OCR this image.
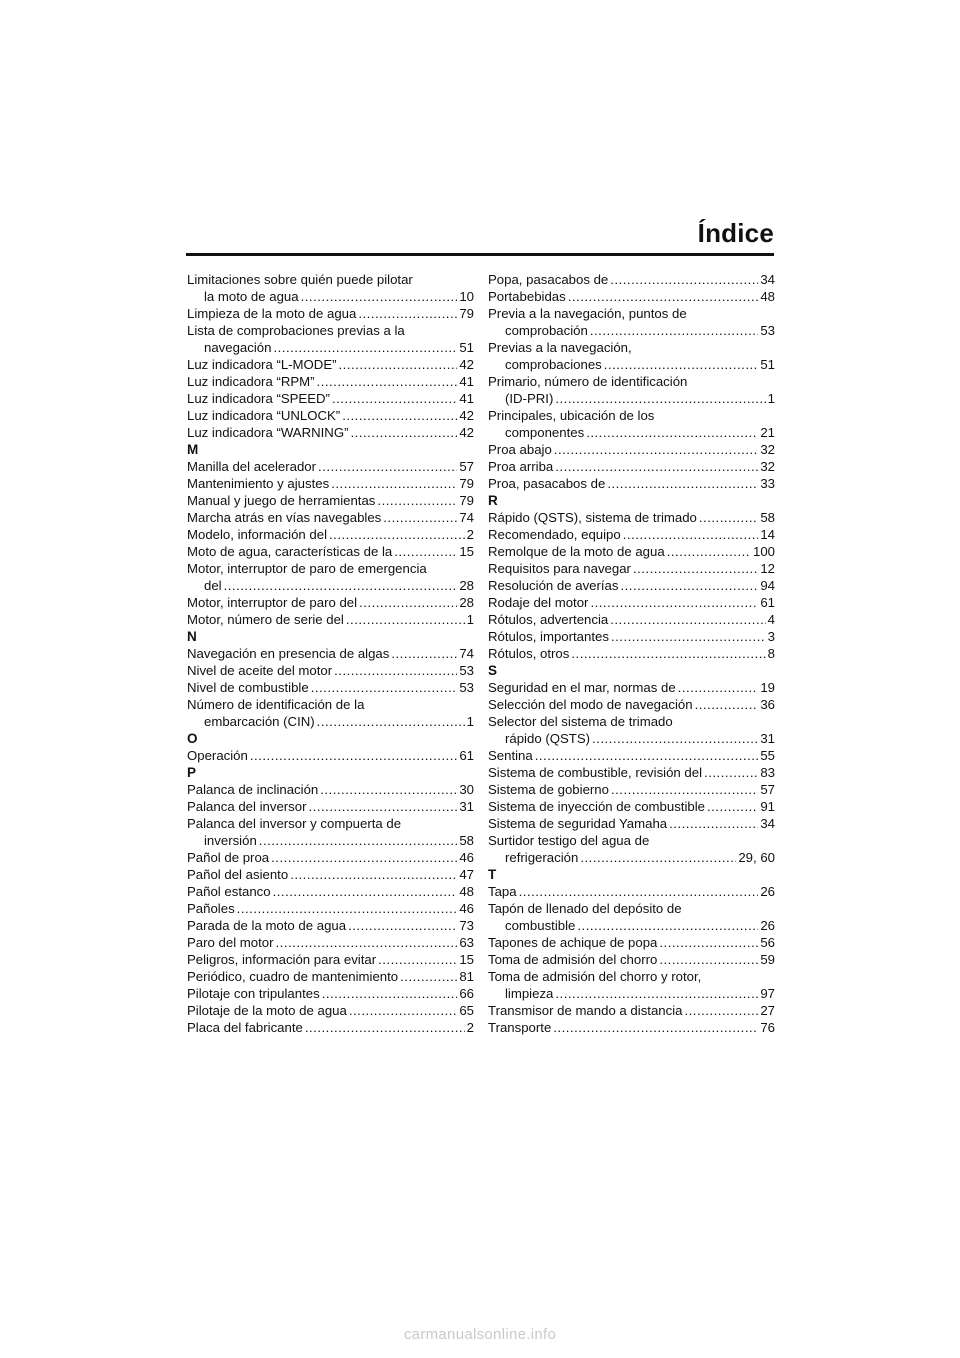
Índice
Limitaciones sobre quién puede pilotar
la moto de agua .....	10
Limpieza de la moto de agua .....	79
Lista de comprobaciones previas a la
navegación .....	51
Luz indicadora “L-MODE” .....	42
Luz indicadora “RPM” .....	41
Luz indicadora “SPEED” .....	41
Luz indicadora “UNLOCK” .....	42
Luz indicadora “WARNING” .....	42
M
Manilla del acelerador .....	57
Mantenimiento y ajustes .....	79
Manual y juego de herramientas .....	79
Marcha atrás en vías navegables .....	74
Modelo, información del .....	2
Moto de agua, características de la .....	15
Motor, interruptor de paro de emergencia
del .....	28
Motor, interruptor de paro del .....	28
Motor, número de serie del .....	1
N
Navegación en presencia de algas .....	74
Nivel de aceite del motor .....	53
Nivel de combustible .....	53
Número de identificación de la
embarcación (CIN) .....	1
O
Operación .....	61
P
Palanca de inclinación .....	30
Palanca del inversor .....	31
Palanca del inversor y compuerta de
inversión .....	58
Pañol de proa .....	46
Pañol del asiento .....	47
Pañol estanco .....	48
Pañoles .....	46
Parada de la moto de agua .....	73
Paro del motor .....	63
Peligros, información para evitar .....	15
Periódico, cuadro de mantenimiento .....	81
Pilotaje con tripulantes .....	66
Pilotaje de la moto de agua .....	65
Placa del fabricante .....	2
Popa, pasacabos de .....	34
Portabebidas .....	48
Previa a la navegación, puntos de
comprobación .....	53
Previas a la navegación,
comprobaciones .....	51
Primario, número de identificación
(ID-PRI) .....	1
Principales, ubicación de los
componentes .....	21
Proa abajo .....	32
Proa arriba .....	32
Proa, pasacabos de .....	33
R
Rápido (QSTS), sistema de trimado .....	58
Recomendado, equipo .....	14
Remolque de la moto de agua .....	100
Requisitos para navegar .....	12
Resolución de averías .....	94
Rodaje del motor .....	61
Rótulos, advertencia .....	4
Rótulos, importantes .....	3
Rótulos, otros .....	8
S
Seguridad en el mar, normas de .....	19
Selección del modo de navegación .....	36
Selector del sistema de trimado
rápido (QSTS) .....	31
Sentina .....	55
Sistema de combustible, revisión del .....	83
Sistema de gobierno .....	57
Sistema de inyección de combustible .....	91
Sistema de seguridad Yamaha .....	34
Surtidor testigo del agua de
refrigeración .....	29, 60
T
Tapa .....	26
Tapón de llenado del depósito de
combustible .....	26
Tapones de achique de popa .....	56
Toma de admisión del chorro .....	59
Toma de admisión del chorro y rotor,
limpieza .....	97
Transmisor de mando a distancia .....	27
Transporte .....	76
carmanualsonline.info
